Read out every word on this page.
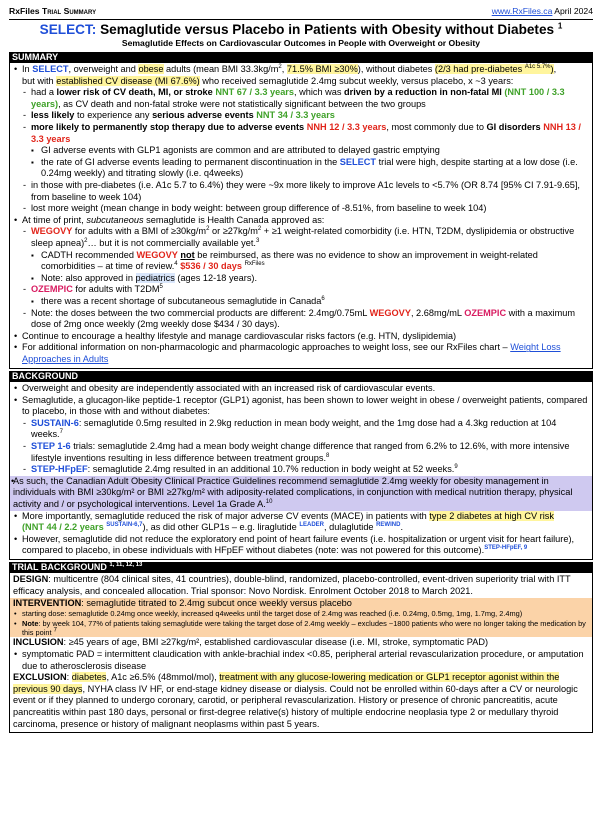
RxFiles Trial Summary	www.RxFiles.ca April 2024
SELECT: Semaglutide versus Placebo in Patients with Obesity without Diabetes $^1$
Semaglutide Effects on Cardiovascular Outcomes in People with Overweight or Obesity
SUMMARY
• In SELECT, overweight and obese adults (mean BMI $33.3kg/m^2$, 71.5% BMI ≥30%), without diabetes (2/3 had pre-diabetes $^{A1c 5.7\%}$),
but with established CV disease (MI 67.6%) who received semaglutide 2.4mg subcut weekly, versus placebo, x ~3 years:
- had a lower risk of CV death, MI, or stroke NNT 67 / 3.3 years, which was driven by a reduction in non-fatal MI (NNT 100 / 3.3 years), as CV death and non-fatal stroke were not statistically significant between the two groups
- less likely to experience any serious adverse events NNT 34 / 3.3 years
- more likely to permanently stop therapy due to adverse events NNH 12 / 3.3 years, most commonly due to GI disorders NNH 13 / 3.3 years
▪ GI adverse events with GLP1 agonists are common and are attributed to delayed gastric emptying
▪ the rate of GI adverse events leading to permanent discontinuation in the SELECT trial were high, despite starting at a low dose (i.e. 0.24mg weekly) and titrating slowly (i.e. q4weeks)
- in those with pre-diabetes (i.e. A1c 5.7 to 6.4%) they were ~9x more likely to improve A1c levels to <5.7% (OR 8.74 [95% CI 7.91-9.65], from baseline to week 104)
- lost more weight (mean change in body weight: between group difference of -8.51%, from baseline to week 104)
• At time of print, subcutaneous semaglutide is Health Canada approved as:
- WEGOVY for adults with a BMI of $\ge 30kg/m^2$ or $\ge 27kg/m^2 + \ge 1$ weight-related comorbidity (i.e. HTN, T2DM, dyslipidemia or obstructive sleep apnea)$^2$… but it is not commercially available yet.$^3$
▪ CADTH recommended WEGOVY not be reimbursed, as there was no evidence to show an improvement in weight-related comorbidities – at time of review.$^4$ $536 / 30 days $^{RxFiles}$
▪ Note: also approved in pediatrics (ages 12-18 years).
- OZEMPIC for adults with $T2DM^5$
▪ there was a recent shortage of subcutaneous semaglutide in Canada$^6$
- Note: the doses between the two commercial products are different: 2.4mg/0.75mL WEGOVY, 2.68mg/mL OZEMPIC with a maximum dose of 2mg once weekly (2mg weekly dose $434 / 30 days).
• Continue to encourage a healthy lifestyle and manage cardiovascular risks factors (e.g. HTN, dyslipidemia)
• For additional information on non-pharmacologic and pharmacologic approaches to weight loss, see our RxFiles chart – Weight Loss Approaches in Adults
BACKGROUND
• Overweight and obesity are independently associated with an increased risk of cardiovascular events.
• Semaglutide, a glucagon-like peptide-1 receptor (GLP1) agonist, has been shown to lower weight in obese / overweight patients, compared to placebo, in those with and without diabetes:
- SUSTAIN-6: semaglutide 0.5mg resulted in 2.9kg reduction in mean body weight, and the 1mg dose had a 4.3kg reduction at 104 weeks.$^7$
- STEP 1-6 trials: semaglutide 2.4mg had a mean body weight change difference that ranged from 6.2% to 12.6%, with more intensive lifestyle inventions resulting in less difference between treatment groups.$^8$
- STEP-HFpEF: semaglutide 2.4mg resulted in an additional 10.7% reduction in body weight at 52 weeks.$^9$
• As such, the Canadian Adult Obesity Clinical Practice Guidelines recommend semaglutide 2.4mg weekly for obesity management in individuals with BMI ≥30kg/m² or BMI ≥27kg/m² with adiposity-related complications, in conjunction with medical nutrition therapy, physical activity and / or psychological interventions. Level 1a Grade A.$^{10}$
• More importantly, semaglutide reduced the risk of major adverse CV events (MACE) in patients with type 2 diabetes at high CV risk
(NNT 44 / 2.2 years $^{SUSTAIN-6,7}$), as did other GLP1s – e.g. liraglutide $^{LEADER}$, dulaglutide $^{REWIND}$.
• However, semaglutide did not reduce the exploratory end point of heart failure events (i.e. hospitalization or urgent visit for heart failure), compared to placebo, in obese individuals with HFpEF without diabetes (note: was not powered for this outcome).$^{STEP-HFpEF, 9}$
TRIAL BACKGROUND $^{1, 11, 12, 13}$
DESIGN: multicentre (804 clinical sites, 41 countries), double-blind, randomized, placebo-controlled, event-driven superiority trial with ITT efficacy analysis, and concealed allocation. Trial sponsor: Novo Nordisk. Enrolment October 2018 to March 2021.
INTERVENTION: semaglutide titrated to 2.4mg subcut once weekly versus placebo
• starting dose: semaglutide 0.24mg once weekly, increased q4weeks until the target dose of 2.4mg was reached (i.e. 0.24mg, 0.5mg, 1mg, 1.7mg, 2.4mg)
• Note: by week 104, 77% of patients taking semaglutide were taking the target dose of 2.4mg weekly – excludes ~1800 patients who were no longer taking the medication by this point $^7$
INCLUSION: ≥45 years of age, BMI ≥27kg/m², established cardiovascular disease (i.e. MI, stroke, symptomatic PAD)
• symptomatic PAD = intermittent claudication with ankle-brachial index <0.85, peripheral arterial revascularization procedure, or amputation due to atherosclerosis disease
EXCLUSION: diabetes, A1c ≥6.5% (48mmol/mol), treatment with any glucose-lowering medication or GLP1 receptor agonist within the previous 90 days, NYHA class IV HF, or end-stage kidney disease or dialysis. Could not be enrolled within 60-days after a CV or neurologic event or if they planned to undergo coronary, carotid, or peripheral revascularization. History or presence of chronic pancreatitis, acute pancreatitis within past 180 days, personal or first-degree relative(s) history of multiple endocrine neoplasia type 2 or medullary thyroid carcinoma, presence or history of malignant neoplasms within past 5 years.
